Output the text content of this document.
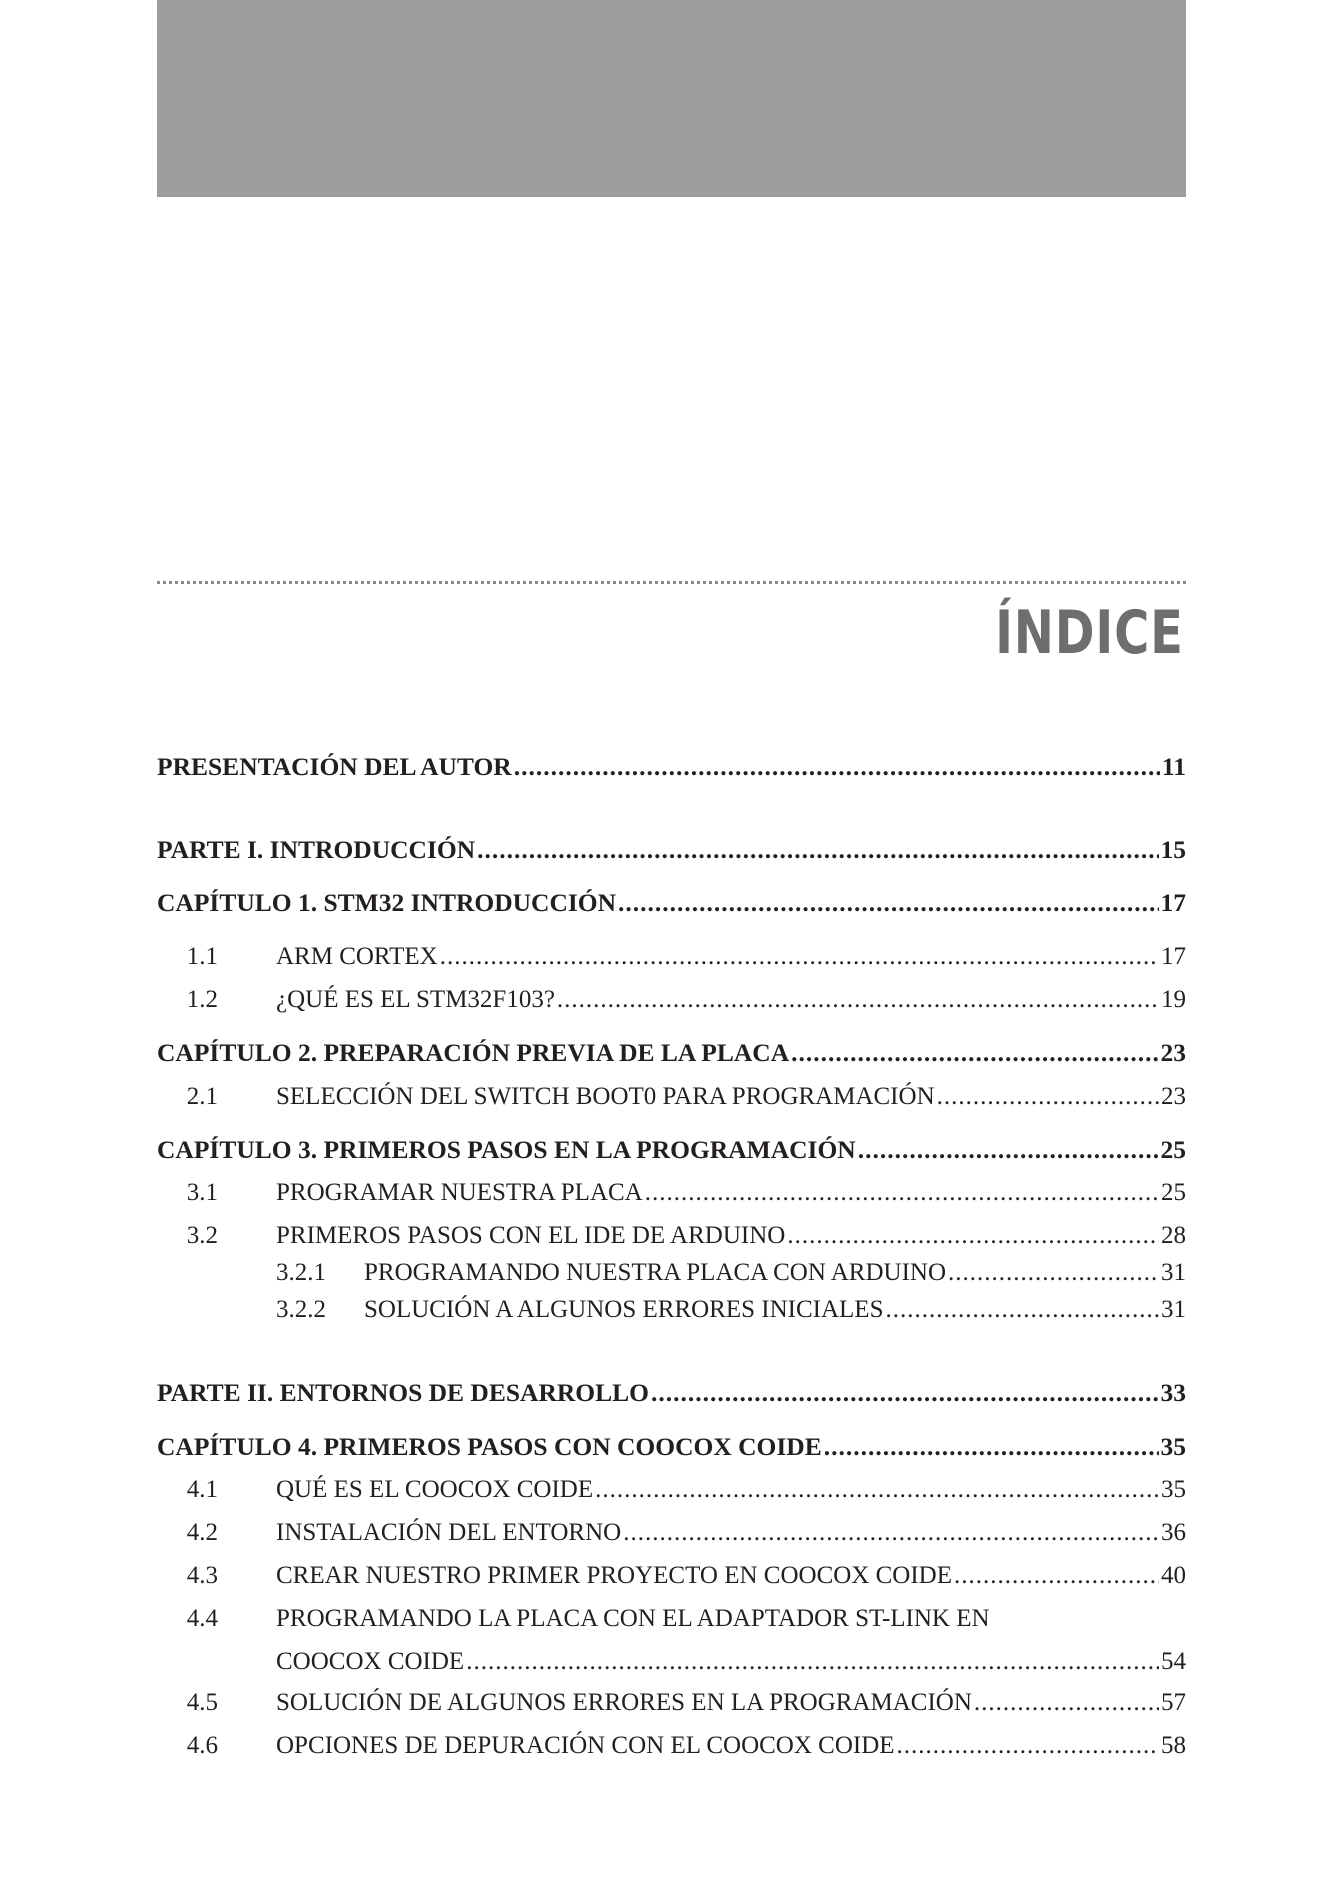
ÍNDICE
PRESENTACIÓN DEL AUTOR .....	11
PARTE I. INTRODUCCIÓN .....	15
CAPÍTULO 1. STM32 INTRODUCCIÓN .....	17
1.1 ARM CORTEX .....	17
1.2 ¿QUÉ ES EL STM32F103? .....	19
CAPÍTULO 2. PREPARACIÓN PREVIA DE LA PLACA .....	23
2.1 SELECCIÓN DEL SWITCH BOOT0 PARA PROGRAMACIÓN .....	23
CAPÍTULO 3. PRIMEROS PASOS EN LA PROGRAMACIÓN .....	25
3.1 PROGRAMAR NUESTRA PLACA .....	25
3.2 PRIMEROS PASOS CON EL IDE DE ARDUINO .....	28
3.2.1 PROGRAMANDO NUESTRA PLACA CON ARDUINO .....	31
3.2.2 SOLUCIÓN A ALGUNOS ERRORES INICIALES .....	31
PARTE II. ENTORNOS DE DESARROLLO .....	33
CAPÍTULO 4. PRIMEROS PASOS CON COOCOX COIDE .....	35
4.1 QUÉ ES EL COOCOX COIDE .....	35
4.2 INSTALACIÓN DEL ENTORNO .....	36
4.3 CREAR NUESTRO PRIMER PROYECTO EN COOCOX COIDE .....	40
4.4 PROGRAMANDO LA PLACA CON EL ADAPTADOR ST-LINK EN
COOCOX COIDE .....	54
4.5 SOLUCIÓN DE ALGUNOS ERRORES EN LA PROGRAMACIÓN .....	57
4.6 OPCIONES DE DEPURACIÓN CON EL COOCOX COIDE .....	58
